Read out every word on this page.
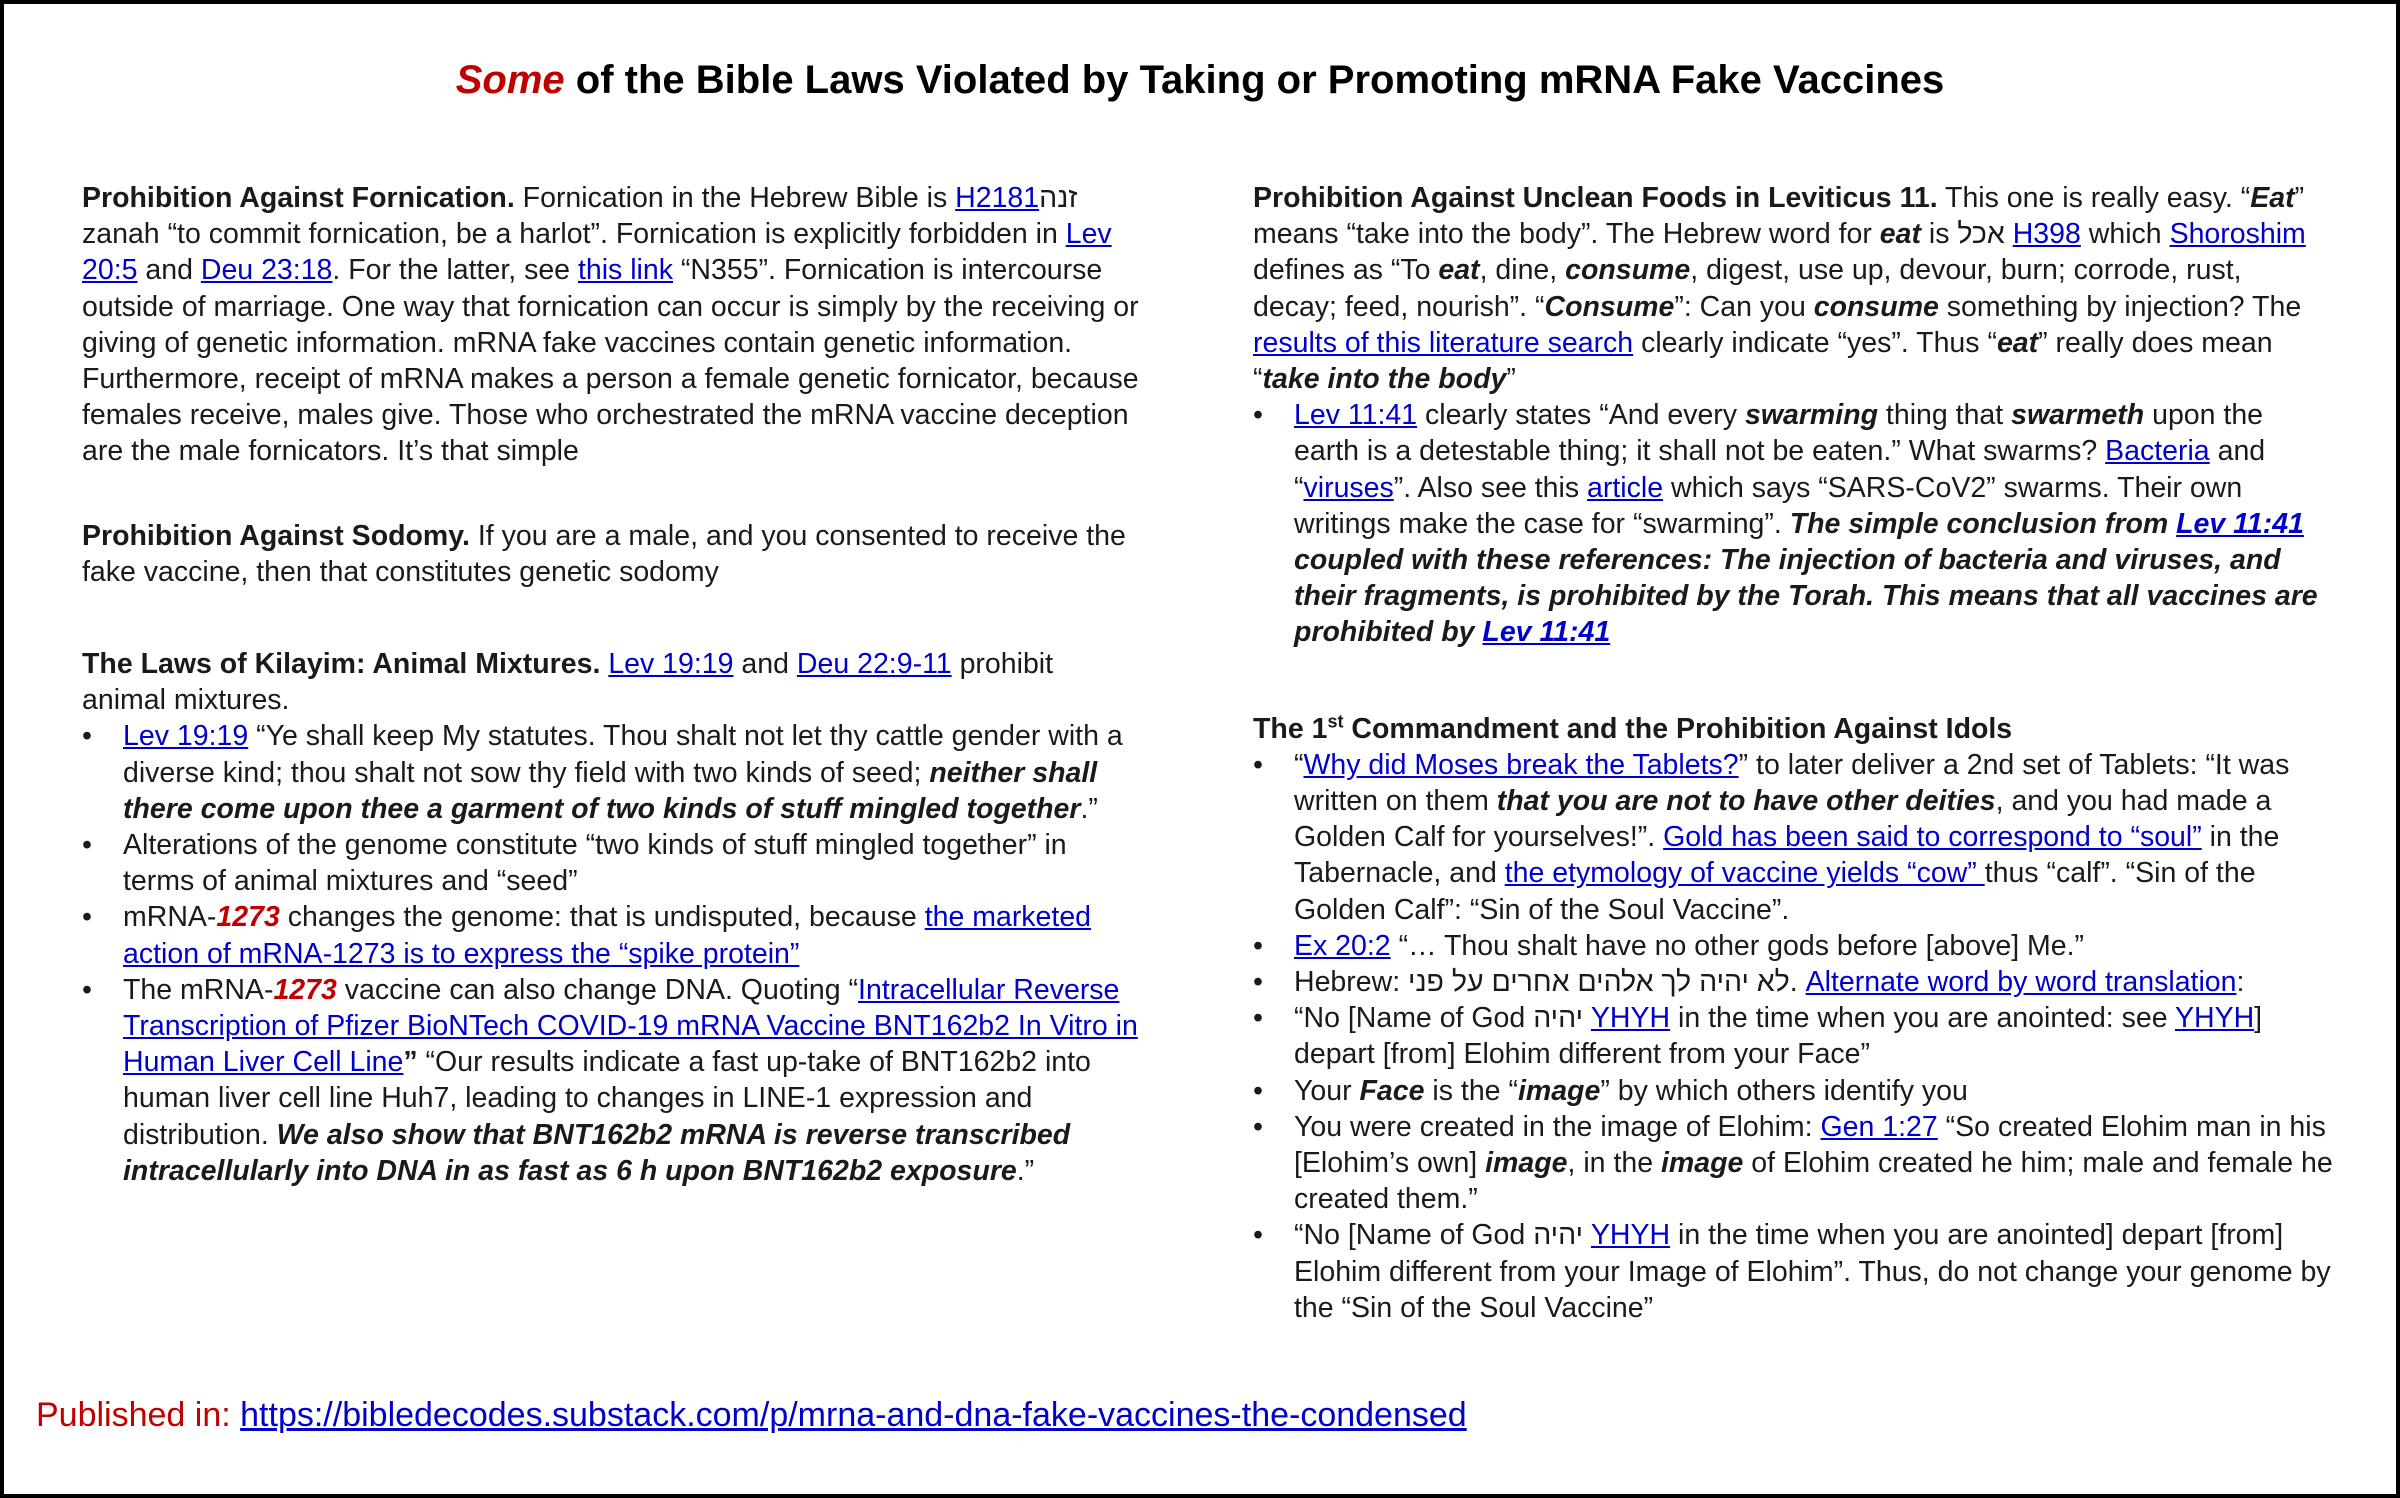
Some of the Bible Laws Violated by Taking or Promoting mRNA Fake Vaccines

Prohibition Against Fornication. Fornication in the Hebrew Bible is H2181זנה zanah “to commit fornication, be a harlot”. Fornication is explicitly forbidden in Lev 20:5 and Deu 23:18. For the latter, see this link “N355”. Fornication is intercourse outside of marriage. One way that fornication can occur is simply by the receiving or giving of genetic information. mRNA fake vaccines contain genetic information. Furthermore, receipt of mRNA makes a person a female genetic fornicator, because females receive, males give. Those who orchestrated the mRNA vaccine deception are the male fornicators. It’s that simple

Prohibition Against Sodomy. If you are a male, and you consented to receive the fake vaccine, then that constitutes genetic sodomy

The Laws of Kilayim: Animal Mixtures. Lev 19:19 and Deu 22:9-11 prohibit animal mixtures.

• Lev 19:19 “Ye shall keep My statutes. Thou shalt not let thy cattle gender with a diverse kind; thou shalt not sow thy field with two kinds of seed; neither shall there come upon thee a garment of two kinds of stuff mingled together.”
• Alterations of the genome constitute “two kinds of stuff mingled together” in terms of animal mixtures and “seed”
• mRNA-1273 changes the genome: that is undisputed, because the marketed action of mRNA-1273 is to express the “spike protein”
• The mRNA-1273 vaccine can also change DNA. Quoting “Intracellular Reverse Transcription of Pfizer BioNTech COVID-19 mRNA Vaccine BNT162b2 In Vitro in Human Liver Cell Line” “Our results indicate a fast up-take of BNT162b2 into human liver cell line Huh7, leading to changes in LINE-1 expression and distribution. We also show that BNT162b2 mRNA is reverse transcribed intracellularly into DNA in as fast as 6 h upon BNT162b2 exposure.”

Prohibition Against Unclean Foods in Leviticus 11. This one is really easy. “Eat” means “take into the body”. The Hebrew word for eat is אכל H398 which Shoroshim defines as “To eat, dine, consume, digest, use up, devour, burn; corrode, rust, decay; feed, nourish”. “Consume”: Can you consume something by injection? The results of this literature search clearly indicate “yes”. Thus “eat” really does mean “take into the body”

• Lev 11:41 clearly states “And every swarming thing that swarmeth upon the earth is a detestable thing; it shall not be eaten.” What swarms? Bacteria and “viruses”. Also see this article which says “SARS-CoV2” swarms. Their own writings make the case for “swarming”. The simple conclusion from Lev 11:41 coupled with these references: The injection of bacteria and viruses, and their fragments, is prohibited by the Torah. This means that all vaccines are prohibited by Lev 11:41

The 1st Commandment and the Prohibition Against Idols

• “Why did Moses break the Tablets?” to later deliver a 2nd set of Tablets: “It was written on them that you are not to have other deities, and you had made a Golden Calf for yourselves!”. Gold has been said to correspond to “soul” in the Tabernacle, and the etymology of vaccine yields “cow” thus “calf”. “Sin of the Golden Calf”: “Sin of the Soul Vaccine”.
• Ex 20:2 “… Thou shalt have no other gods before [above] Me.”
• Hebrew: לא יהיה לך אלהים אחרים על פני. Alternate word by word translation:
• “No [Name of God יהיה YHYH in the time when you are anointed: see YHYH] depart [from] Elohim different from your Face”
• Your Face is the “image” by which others identify you
• You were created in the image of Elohim: Gen 1:27 “So created Elohim man in his [Elohim’s own] image, in the image of Elohim created he him; male and female he created them.”
• “No [Name of God יהיה YHYH in the time when you are anointed] depart [from] Elohim different from your Image of Elohim”. Thus, do not change your genome by the “Sin of the Soul Vaccine”
Published in: https://bibledecodes.substack.com/p/mrna-and-dna-fake-vaccines-the-condensed
